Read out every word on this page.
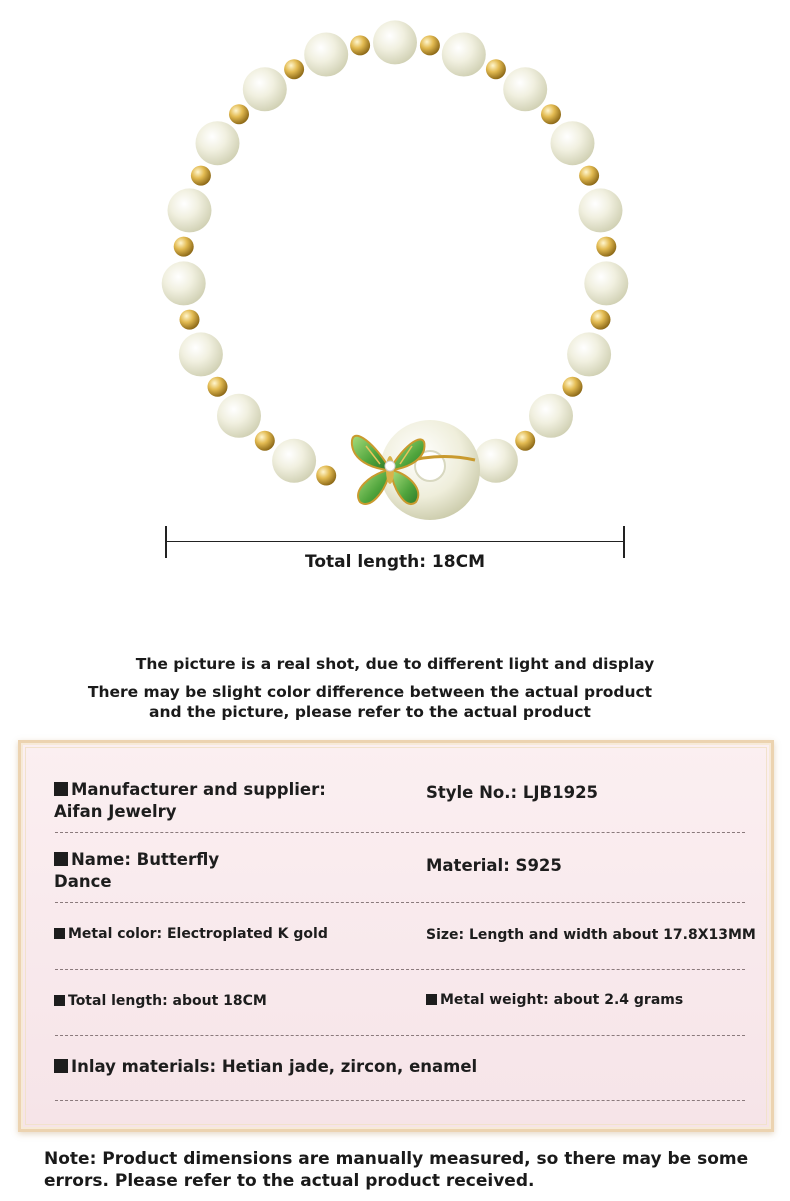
Total length: 18CM
The picture is a real shot, due to different light and display
There may be slight color difference between the actual product and the picture, please refer to the actual product
Manufacturer and supplier:
Aifan Jewelry
Style No.: LJB1925
Name: Butterfly
Dance
Material: S925
Metal color: Electroplated K gold	Size: Length and width about 17.8X13MM
Total length: about 18CM	Metal weight: about 2.4 grams
Inlay materials: Hetian jade, zircon, enamel
Note: Product dimensions are manually measured, so there may be some errors. Please refer to the actual product received.
